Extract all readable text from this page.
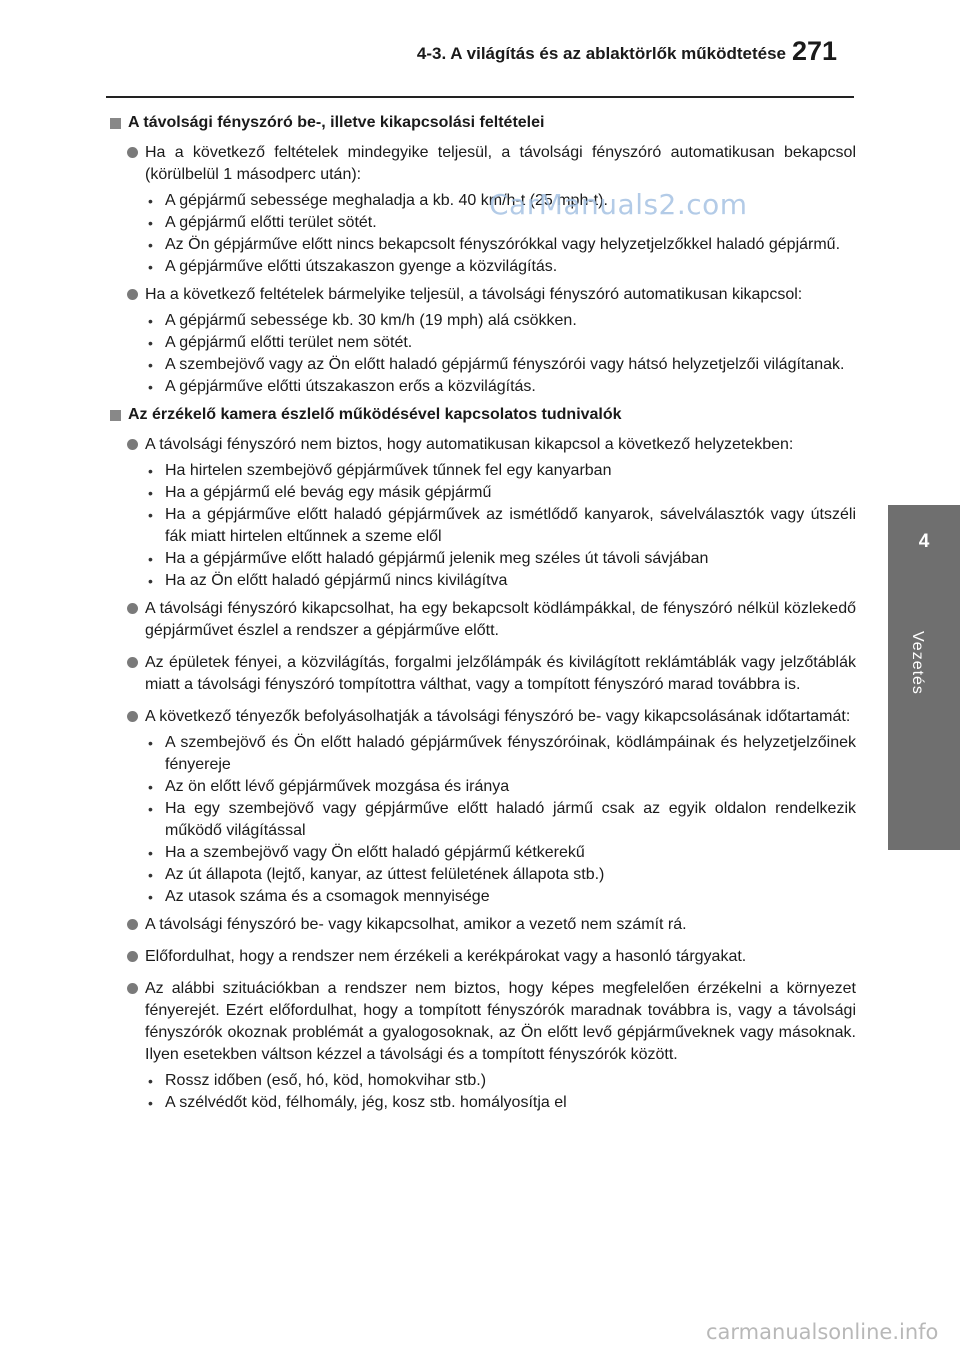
4-3. A világítás és az ablaktörlők működtetése 271
4
Vezetés
A távolsági fényszóró be-, illetve kikapcsolási feltételei
Ha a következő feltételek mindegyike teljesül, a távolsági fényszóró automatikusan bekapcsol (körülbelül 1 másodperc után):
• A gépjármű sebessége meghaladja a kb. 40 km/h-t (25 mph-t).
• A gépjármű előtti terület sötét.
• Az Ön gépjárműve előtt nincs bekapcsolt fényszórókkal vagy helyzetjelzőkkel haladó gépjármű.
• A gépjárműve előtti útszakaszon gyenge a közvilágítás.
Ha a következő feltételek bármelyike teljesül, a távolsági fényszóró automatikusan kikapcsol:
• A gépjármű sebessége kb. 30 km/h (19 mph) alá csökken.
• A gépjármű előtti terület nem sötét.
• A szembejövő vagy az Ön előtt haladó gépjármű fényszórói vagy hátsó helyzetjelzői világítanak.
• A gépjárműve előtti útszakaszon erős a közvilágítás.
Az érzékelő kamera észlelő működésével kapcsolatos tudnivalók
A távolsági fényszóró nem biztos, hogy automatikusan kikapcsol a következő helyzetekben:
• Ha hirtelen szembejövő gépjárművek tűnnek fel egy kanyarban
• Ha a gépjármű elé bevág egy másik gépjármű
• Ha a gépjárműve előtt haladó gépjárművek az ismétlődő kanyarok, sávelválasztók vagy útszéli fák miatt hirtelen eltűnnek a szeme elől
• Ha a gépjárműve előtt haladó gépjármű jelenik meg széles út távoli sávjában
• Ha az Ön előtt haladó gépjármű nincs kivilágítva
A távolsági fényszóró kikapcsolhat, ha egy bekapcsolt ködlámpákkal, de fényszóró nélkül közlekedő gépjárművet észlel a rendszer a gépjárműve előtt.
Az épületek fényei, a közvilágítás, forgalmi jelzőlámpák és kivilágított reklámtáblák vagy jelzőtáblák miatt a távolsági fényszóró tompítottra válthat, vagy a tompított fényszóró marad továbbra is.
A következő tényezők befolyásolhatják a távolsági fényszóró be- vagy kikapcsolásának időtartamát:
• A szembejövő és Ön előtt haladó gépjárművek fényszóróinak, ködlámpáinak és helyzetjelzőinek fényereje
• Az ön előtt lévő gépjárművek mozgása és iránya
• Ha egy szembejövő vagy gépjárműve előtt haladó jármű csak az egyik oldalon rendelkezik működő világítással
• Ha a szembejövő vagy Ön előtt haladó gépjármű kétkerekű
• Az út állapota (lejtő, kanyar, az úttest felületének állapota stb.)
• Az utasok száma és a csomagok mennyisége
A távolsági fényszóró be- vagy kikapcsolhat, amikor a vezető nem számít rá.
Előfordulhat, hogy a rendszer nem érzékeli a kerékpárokat vagy a hasonló tárgyakat.
Az alábbi szituációkban a rendszer nem biztos, hogy képes megfelelően érzékelni a környezet fényerejét. Ezért előfordulhat, hogy a tompított fényszórók maradnak továbbra is, vagy a távolsági fényszórók okoznak problémát a gyalogosoknak, az Ön előtt levő gépjárműveknek vagy másoknak. Ilyen esetekben váltson kézzel a távolsági és a tompított fényszórók között.
• Rossz időben (eső, hó, köd, homokvihar stb.)
• A szélvédőt köd, félhomály, jég, kosz stb. homályosítja el
CarManuals2.com
carmanualsonline.info
